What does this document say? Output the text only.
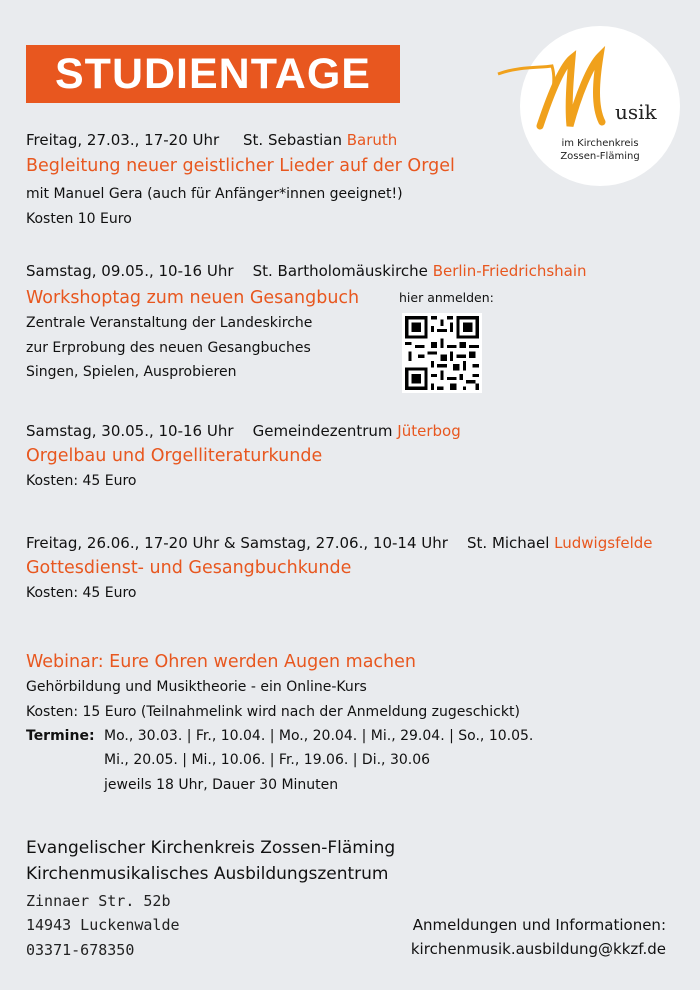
STUDIENTAGE
usik
im Kirchenkreis
Zossen-Fläming
Freitag, 27.03., 17-20 Uhr St. Sebastian Baruth
Begleitung neuer geistlicher Lieder auf der Orgel
mit Manuel Gera (auch für Anfänger*innen geeignet!)
Kosten 10 Euro
Samstag, 09.05., 10-16 Uhr St. Bartholomäuskirche Berlin-Friedrichshain
Workshoptag zum neuen Gesangbuch	hier anmelden:
Zentrale Veranstaltung der Landeskirche
zur Erprobung des neuen Gesangbuches
Singen, Spielen, Ausprobieren
Samstag, 30.05., 10-16 Uhr Gemeindezentrum Jüterbog
Orgelbau und Orgelliteraturkunde
Kosten: 45 Euro
Freitag, 26.06., 17-20 Uhr & Samstag, 27.06., 10-14 Uhr St. Michael Ludwigsfelde
Gottesdienst- und Gesangbuchkunde
Kosten: 45 Euro
Webinar: Eure Ohren werden Augen machen
Gehörbildung und Musiktheorie - ein Online-Kurs
Kosten: 15 Euro (Teilnahmelink wird nach der Anmeldung zugeschickt)
Termine: Mo., 30.03. | Fr., 10.04. | Mo., 20.04. | Mi., 29.04. | So., 10.05.
Mi., 20.05. | Mi., 10.06. | Fr., 19.06. | Di., 30.06
jeweils 18 Uhr, Dauer 30 Minuten
Evangelischer Kirchenkreis Zossen-Fläming
Kirchenmusikalisches Ausbildungszentrum
Zinnaer Str. 52b
14943 Luckenwalde
03371-678350
Anmeldungen und Informationen:
kirchenmusik.ausbildung@kkzf.de
